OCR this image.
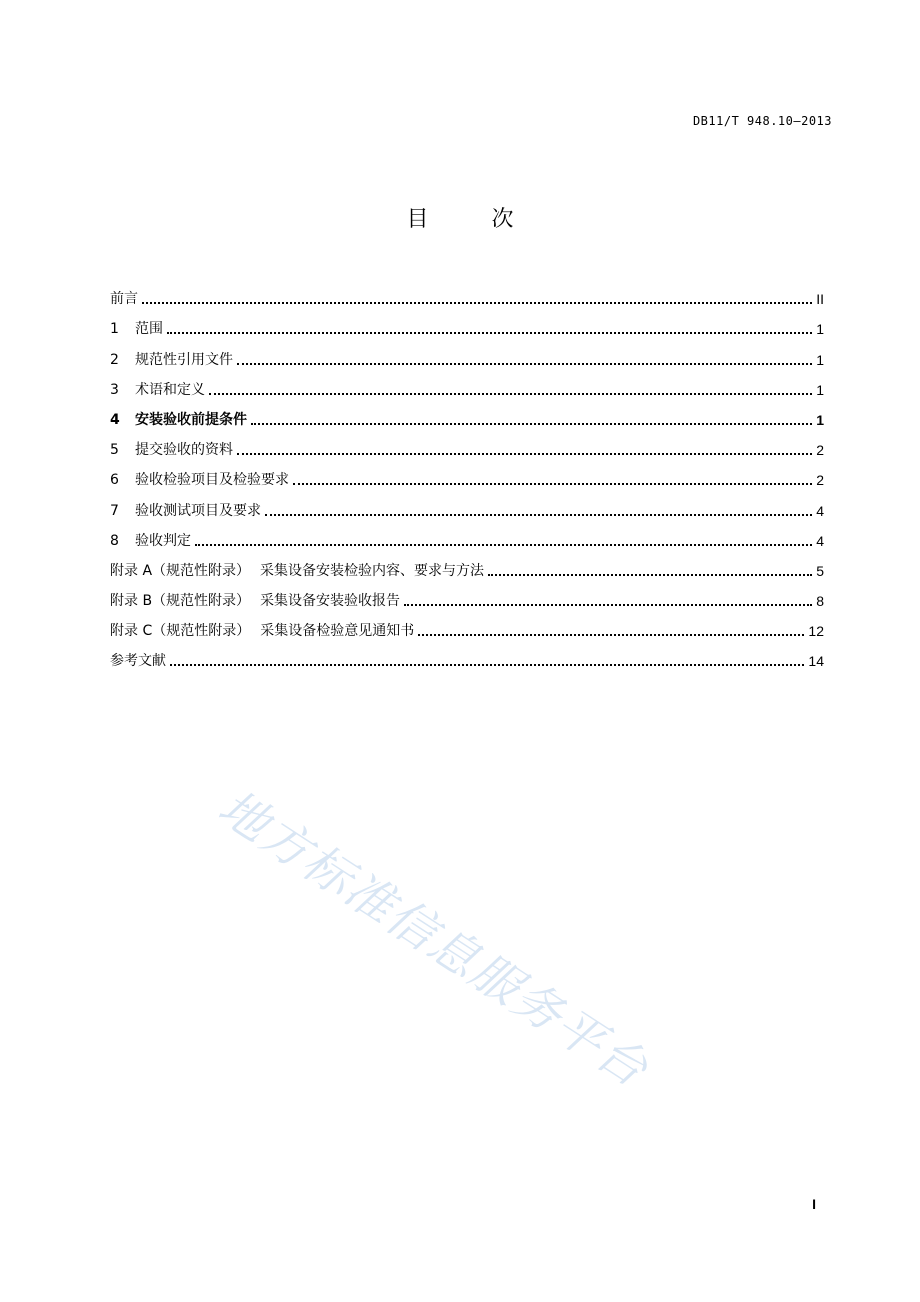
DB11/T 948.10—2013
目 次
前言	II
1	范围	1
2	规范性引用文件	1
3	术语和定义	1
4	安装验收前提条件	1
5	提交验收的资料	2
6	验收检验项目及检验要求	2
7	验收测试项目及要求	4
8	验收判定	4
附录 A（规范性附录） 采集设备安装检验内容、要求与方法	5
附录 B（规范性附录） 采集设备安装验收报告	8
附录 C（规范性附录） 采集设备检验意见通知书	12
参考文献	14
地方标准信息服务平台
I
